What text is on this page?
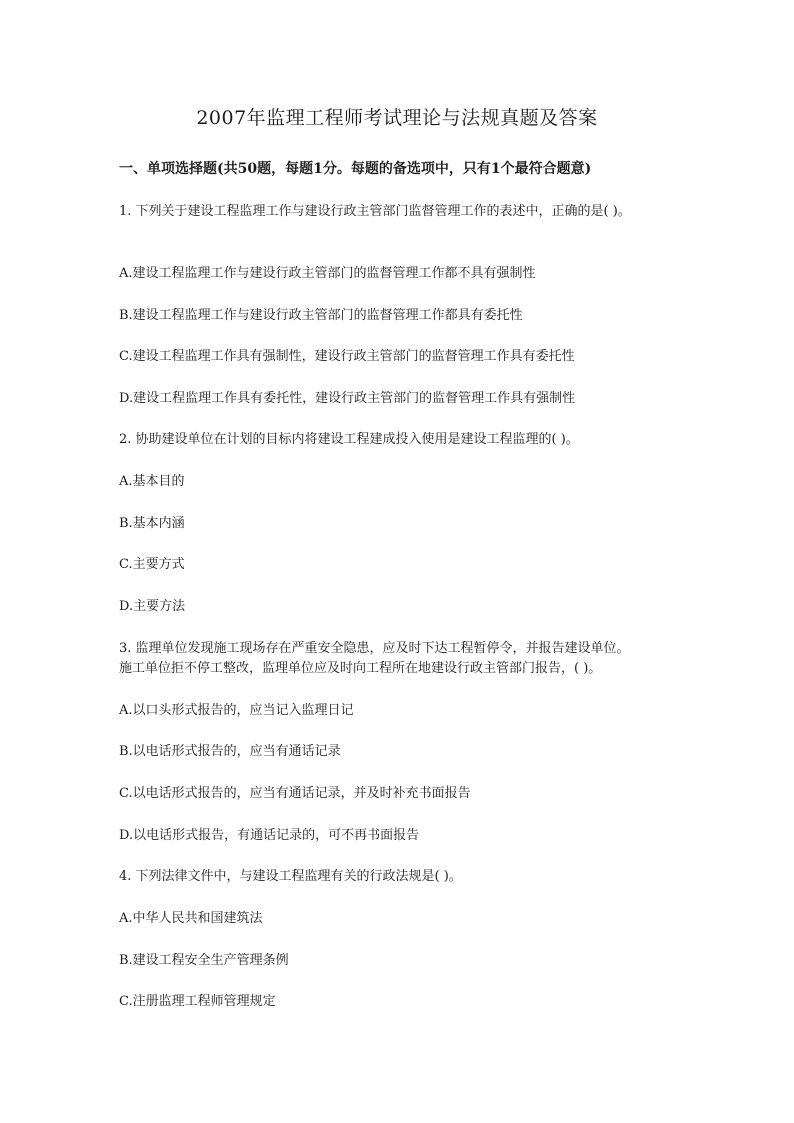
2007年监理工程师考试理论与法规真题及答案
一、单项选择题(共50题，每题1分。每题的备选项中，只有1个最符合题意)
1. 下列关于建设工程监理工作与建设行政主管部门监督管理工作的表述中，正确的是( )。
A.建设工程监理工作与建设行政主管部门的监督管理工作都不具有强制性
B.建设工程监理工作与建设行政主管部门的监督管理工作都具有委托性
C.建设工程监理工作具有强制性，建设行政主管部门的监督管理工作具有委托性
D.建设工程监理工作具有委托性，建设行政主管部门的监督管理工作具有强制性
2. 协助建设单位在计划的目标内将建设工程建成投入使用是建设工程监理的( )。
A.基本目的
B.基本内涵
C.主要方式
D.主要方法
3. 监理单位发现施工现场存在严重安全隐患，应及时下达工程暂停令，并报告建设单位。
施工单位拒不停工整改，监理单位应及时向工程所在地建设行政主管部门报告，( )。
A.以口头形式报告的，应当记入监理日记
B.以电话形式报告的，应当有通话记录
C.以电话形式报告的，应当有通话记录，并及时补充书面报告
D.以电话形式报告，有通话记录的，可不再书面报告
4. 下列法律文件中，与建设工程监理有关的行政法规是( )。
A.中华人民共和国建筑法
B.建设工程安全生产管理条例
C.注册监理工程师管理规定
